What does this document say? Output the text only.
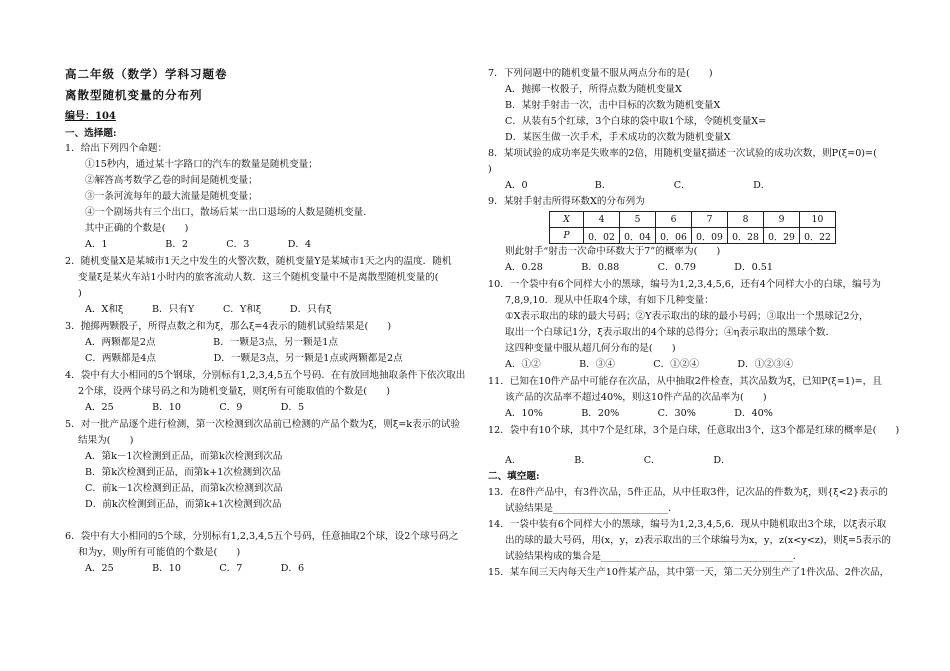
高二年级（数学）学科习题卷
离散型随机变量的分布列
编号：104
一、选择题:
1．给出下列四个命题：
①15秒内，通过某十字路口的汽车的数量是随机变量；
②解答高考数学乙卷的时间是随机变量；
③一条河流每年的最大流量是随机变量；
④一个剧场共有三个出口，散场后某一出口退场的人数是随机变量．
其中正确的个数是(　　)
A．1　　　　　　B．2　　　　C．3　　　　D．4
2．随机变量X是某城市1天之中发生的火警次数，随机变量Y是某城市1天之内的温度．随机
变量ξ是某火车站1小时内的旅客流动人数．这三个随机变量中不是离散型随机变量的(
)
A．X和ξ　　　B．只有Y　　　C．Y和ξ　　　D．只有ξ
3．抛掷两颗骰子，所得点数之和为ξ，那么ξ=4表示的随机试验结果是(　　)
A．两颗都是2点　　　　　　B．一颗是3点，另一颗是1点
C．两颗都是4点　　　　　　D．一颗是3点，另一颗是1点或两颗都是2点
4．袋中有大小相同的5个钢球，分别标有1,2,3,4,5五个号码．在有放回地抽取条件下依次取出
2个球，设两个球号码之和为随机变量ξ，则ξ所有可能取值的个数是(　　)
A．25　　　　B．10　　　　C．9　　　　D．5
5．对一批产品逐个进行检测，第一次检测到次品前已检测的产品个数为ξ，则ξ=k表示的试验
结果为(　　)
A．第k－1次检测到正品，而第k次检测到次品
B．第k次检测到正品，而第k+1次检测到次品
C．前k－1次检测到正品，而第k次检测到次品
D．前k次检测到正品，而第k+1次检测到次品
6．袋中有大小相同的5个球，分别标有1,2,3,4,5五个号码，任意抽取2个球，设2个球号码之
和为y，则y所有可能值的个数是(　　)
A．25　　　　B．10　　　　C．7　　　　D．6
7．下列问题中的随机变量不服从两点分布的是(　　)
A．抛掷一枚骰子，所得点数为随机变量X
B．某射手射击一次，击中目标的次数为随机变量X
C．从装有5个红球，3个白球的袋中取1个球，令随机变量X=
D．某医生做一次手术，手术成功的次数为随机变量X
8．某项试验的成功率是失败率的2倍，用随机变量ξ描述一次试验的成功次数，则P(ξ=0)=(
)
A．0　　　　　　　B．　　　　　　　C．　　　　　　　D．
9．某射手射击所得环数X的分布列为
X	4	5	6	7	8	9	10
P	0．02	0．04	0．06	0．09	0．28	0．29	0．22
则此射手“射击一次命中环数大于7”的概率为(　　)
A．0.28　　　　B．0.88　　　　C．0.79　　　　D．0.51
10．一个袋中有6个同样大小的黑球，编号为1,2,3,4,5,6，还有4个同样大小的白球，编号为
7,8,9,10．现从中任取4个球，有如下几种变量：
①X表示取出的球的最大号码；②Y表示取出的球的最小号码；③取出一个黑球记2分，
取出一个白球记1分，ξ表示取出的4个球的总得分；④η表示取出的黑球个数．
这四种变量中服从超几何分布的是(　　)
A．①②　　　　B．③④　　　　C．①②④　　　　D．①②③④
11．已知在10件产品中可能存在次品，从中抽取2件检查，其次品数为ξ，已知P(ξ=1)=，且
该产品的次品率不超过40%，则这10件产品的次品率为(　　)
A．10%　　　　B．20%　　　　C．30%　　　　D．40%
12．袋中有10个球，其中7个是红球，3个是白球，任意取出3个，这3个都是红球的概率是(　　)
A．　　　　　　B．　　　　　　C．　　　　　　D．
二、填空题:
13．在8件产品中，有3件次品，5件正品，从中任取3件，记次品的件数为ξ，则{ξ<2}表示的
试验结果是________________________．
14．一袋中装有6个同样大小的黑球，编号为1,2,3,4,5,6．现从中随机取出3个球，以ξ表示取
出的球的最大号码，用(x，y，z)表示取出的三个球编号为x，y，z(x<y<z)，则ξ=5表示的
试验结果构成的集合是________________________________________．
15．某车间三天内每天生产10件某产品，其中第一天，第二天分别生产了1件次品、2件次品，
